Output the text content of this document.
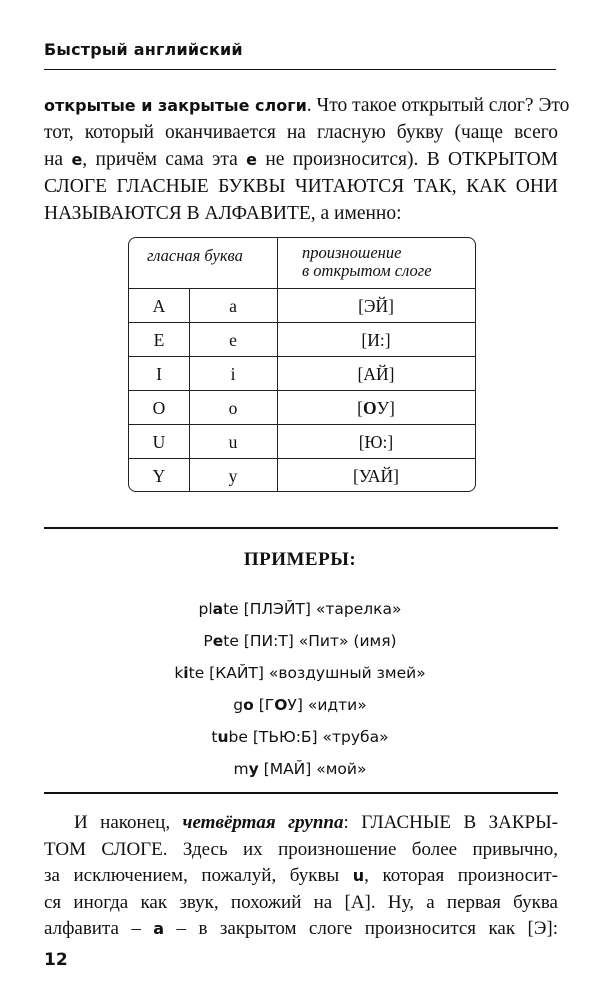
Быстрый английский
открытые и закрытые слоги. Что такое открытый слог? Это
тот, который оканчивается на гласную букву (чаще всего
на e, причём сама эта e не произносится). В ОТКРЫТОМ
СЛОГЕ ГЛАСНЫЕ БУКВЫ ЧИТАЮТСЯ ТАК, КАК ОНИ
НАЗЫВАЮТСЯ В АЛФАВИТЕ, а именно:
гласная буква	произношение
в открытом слоге
A	a	[ЭЙ]
E	e	[И:]
I	i	[АЙ]
O	o	[ОУ]
U	u	[Ю:]
Y	y	[УАЙ]
ПРИМЕРЫ:
plate [ПЛЭЙТ] «тарелка»
Pete [ПИ:Т] «Пит» (имя)
kite [КАЙТ] «воздушный змей»
go [ГОУ] «идти»
tube [ТЬЮ:Б] «труба»
my [МАЙ] «мой»
И наконец, четвёртая группа: ГЛАСНЫЕ В ЗАКРЫ-
ТОМ СЛОГЕ. Здесь их произношение более привычно,
за исключением, пожалуй, буквы u, которая произносит-
ся иногда как звук, похожий на [А]. Ну, а первая буква
алфавита – a – в закрытом слоге произносится как [Э]:
12
